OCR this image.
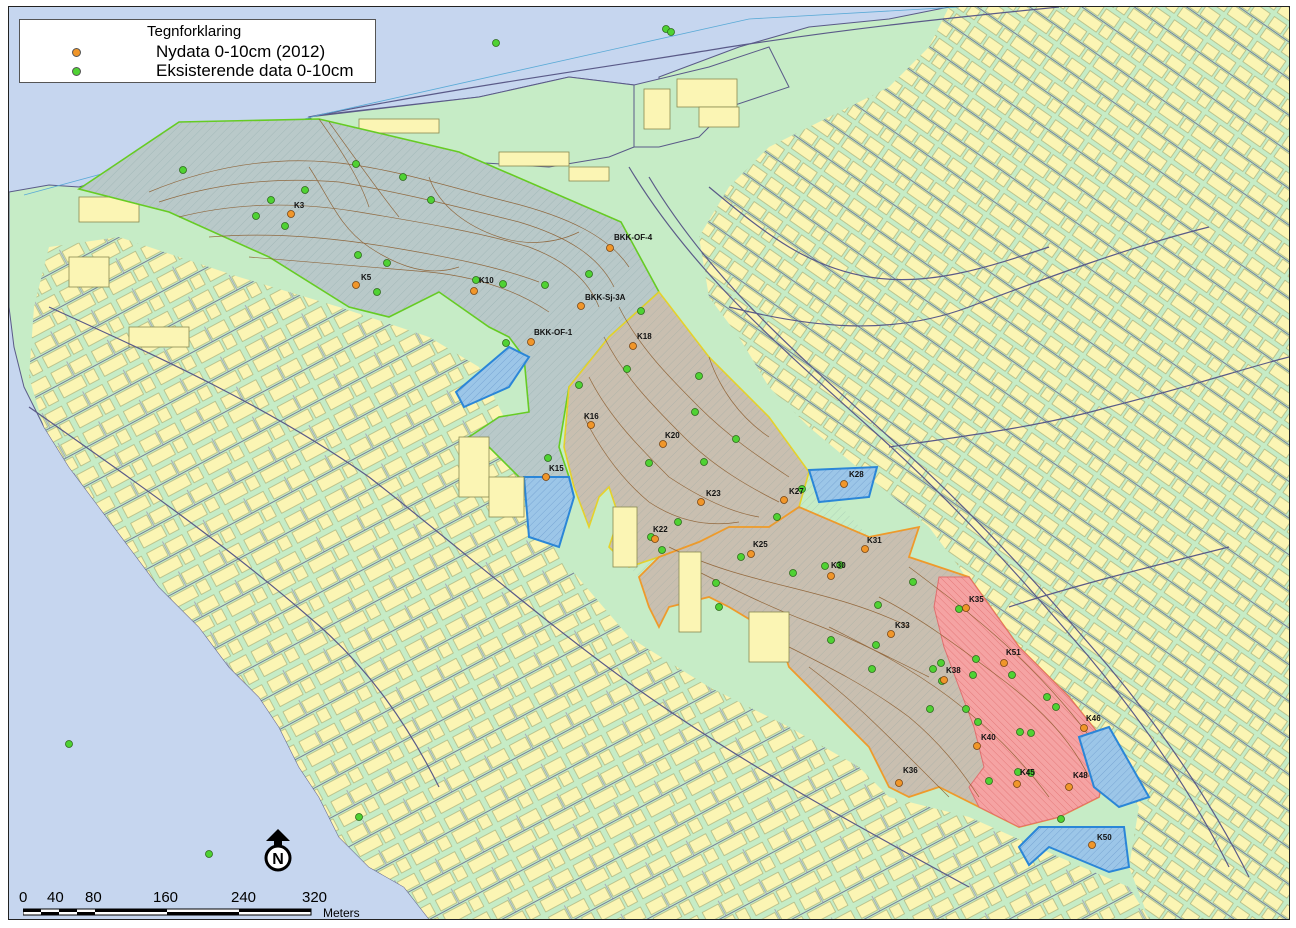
K3
K5	K10
BKK-OF-4
BKK-Sj-3A
BKK-OF-1	K18
K16
K20
K15
K28
K27
K23
K22
K25	K31
K30
K35
K33
K51
K38
K46
K40
K45	K48
K36
K50
Tegnforklaring
Nydata 0-10cm (2012)
Eksisterende data 0-10cm
N
0 40 80	160	240	320
Meters
